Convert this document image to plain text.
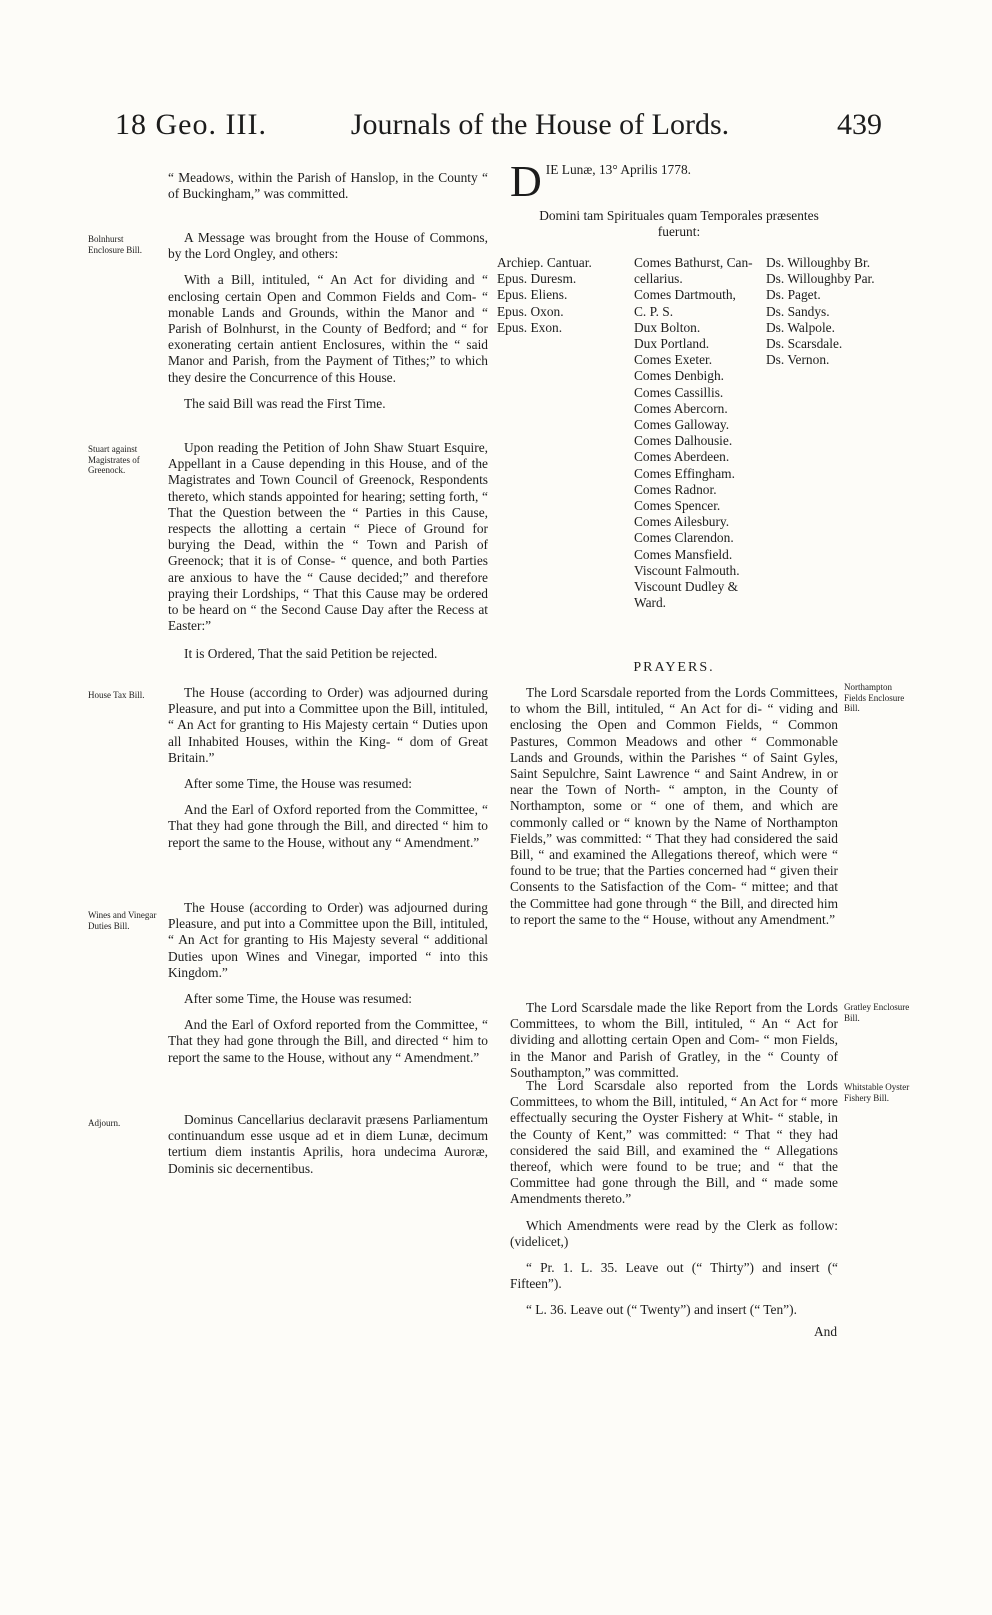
18 Geo. III.	Journals of the House of Lords.	439
“ Meadows, within the Parish of Hanslop, in the County “ of Buckingham,” was committed.
Bolnhurst Enclosure Bill.

A Message was brought from the House of Commons, by the Lord Ongley, and others:

With a Bill, intituled, “ An Act for dividing and “ enclosing certain Open and Common Fields and Com- “ monable Lands and Grounds, within the Manor and “ Parish of Bolnhurst, in the County of Bedford; and “ for exonerating certain antient Enclosures, within the “ said Manor and Parish, from the Payment of Tithes;” to which they desire the Concurrence of this House.

The said Bill was read the First Time.

Stuart against Magistrates of Greenock.

Upon reading the Petition of John Shaw Stuart Esquire, Appellant in a Cause depending in this House, and of the Magistrates and Town Council of Greenock, Respondents thereto, which stands appointed for hearing; setting forth, “ That the Question between the “ Parties in this Cause, respects the allotting a certain “ Piece of Ground for burying the Dead, within the “ Town and Parish of Greenock; that it is of Conse- “ quence, and both Parties are anxious to have the “ Cause decided;” and therefore praying their Lordships, “ That this Cause may be ordered to be heard on “ the Second Cause Day after the Recess at Easter:”

It is Ordered, That the said Petition be rejected.

House Tax Bill.	The House (according to Order) was adjourned during Pleasure, and put into a Committee upon the Bill, intituled, “ An Act for granting to His Majesty certain “ Duties upon all Inhabited Houses, within the King- “ dom of Great Britain.”

After some Time, the House was resumed:

And the Earl of Oxford reported from the Committee, “ That they had gone through the Bill, and directed “ him to report the same to the House, without any “ Amendment.”

Wines and Vinegar Duties Bill.

The House (according to Order) was adjourned during Pleasure, and put into a Committee upon the Bill, intituled, “ An Act for granting to His Majesty several “ additional Duties upon Wines and Vinegar, imported “ into this Kingdom.”

After some Time, the House was resumed:

And the Earl of Oxford reported from the Committee, “ That they had gone through the Bill, and directed “ him to report the same to the House, without any “ Amendment.”

Adjourn.	Dominus Cancellarius declaravit præsens Parliamentum continuandum esse usque ad et in diem Lunæ, decimum tertium diem instantis Aprilis, hora undecima Auroræ, Dominis sic decernentibus.

D IE Lunæ, 13° Aprilis 1778.
Domini tam Spirituales quam Temporales præsentes fuerunt:
Archiep. Cantuar.
Epus. Duresm.
Epus. Eliens.
Epus. Oxon.
Epus. Exon.
Comes Bathurst, Can-
cellarius.
Comes Dartmouth,
C. P. S.
Dux Bolton.
Dux Portland.
Comes Exeter.
Comes Denbigh.
Comes Cassillis.
Comes Abercorn.
Comes Galloway.
Comes Dalhousie.
Comes Aberdeen.
Comes Effingham.
Comes Radnor.
Comes Spencer.
Comes Ailesbury.
Comes Clarendon.
Comes Mansfield.
Viscount Falmouth.
Viscount Dudley &
Ward.
Ds. Willoughby Br.
Ds. Willoughby Par.
Ds. Paget.
Ds. Sandys.
Ds. Walpole.
Ds. Scarsdale.
Ds. Vernon.
PRAYERS.
Northampton Fields Enclosure Bill.

The Lord Scarsdale reported from the Lords Committees, to whom the Bill, intituled, “ An Act for di- “ viding and enclosing the Open and Common Fields, “ Common Pastures, Common Meadows and other “ Commonable Lands and Grounds, within the Parishes “ of Saint Gyles, Saint Sepulchre, Saint Lawrence “ and Saint Andrew, in or near the Town of North- “ ampton, in the County of Northampton, some or “ one of them, and which are commonly called or “ known by the Name of Northampton Fields,” was committed: “ That they had considered the said Bill, “ and examined the Allegations thereof, which were “ found to be true; that the Parties concerned had “ given their Consents to the Satisfaction of the Com- “ mittee; and that the Committee had gone through “ the Bill, and directed him to report the same to the “ House, without any Amendment.”

Gratley Enclosure Bill.

The Lord Scarsdale made the like Report from the Lords Committees, to whom the Bill, intituled, “ An “ Act for dividing and allotting certain Open and Com- “ mon Fields, in the Manor and Parish of Gratley, in the “ County of Southampton,” was committed.

Whitstable Oyster Fishery Bill.

The Lord Scarsdale also reported from the Lords Committees, to whom the Bill, intituled, “ An Act for “ more effectually securing the Oyster Fishery at Whit- “ stable, in the County of Kent,” was committed: “ That “ they had considered the said Bill, and examined the “ Allegations thereof, which were found to be true; and “ that the Committee had gone through the Bill, and “ made some Amendments thereto.”

Which Amendments were read by the Clerk as follow: (videlicet,)

“ Pr. 1. L. 35. Leave out (“ Thirty”) and insert (“ Fifteen”).

“ L. 36. Leave out (“ Twenty”) and insert (“ Ten”).

And
